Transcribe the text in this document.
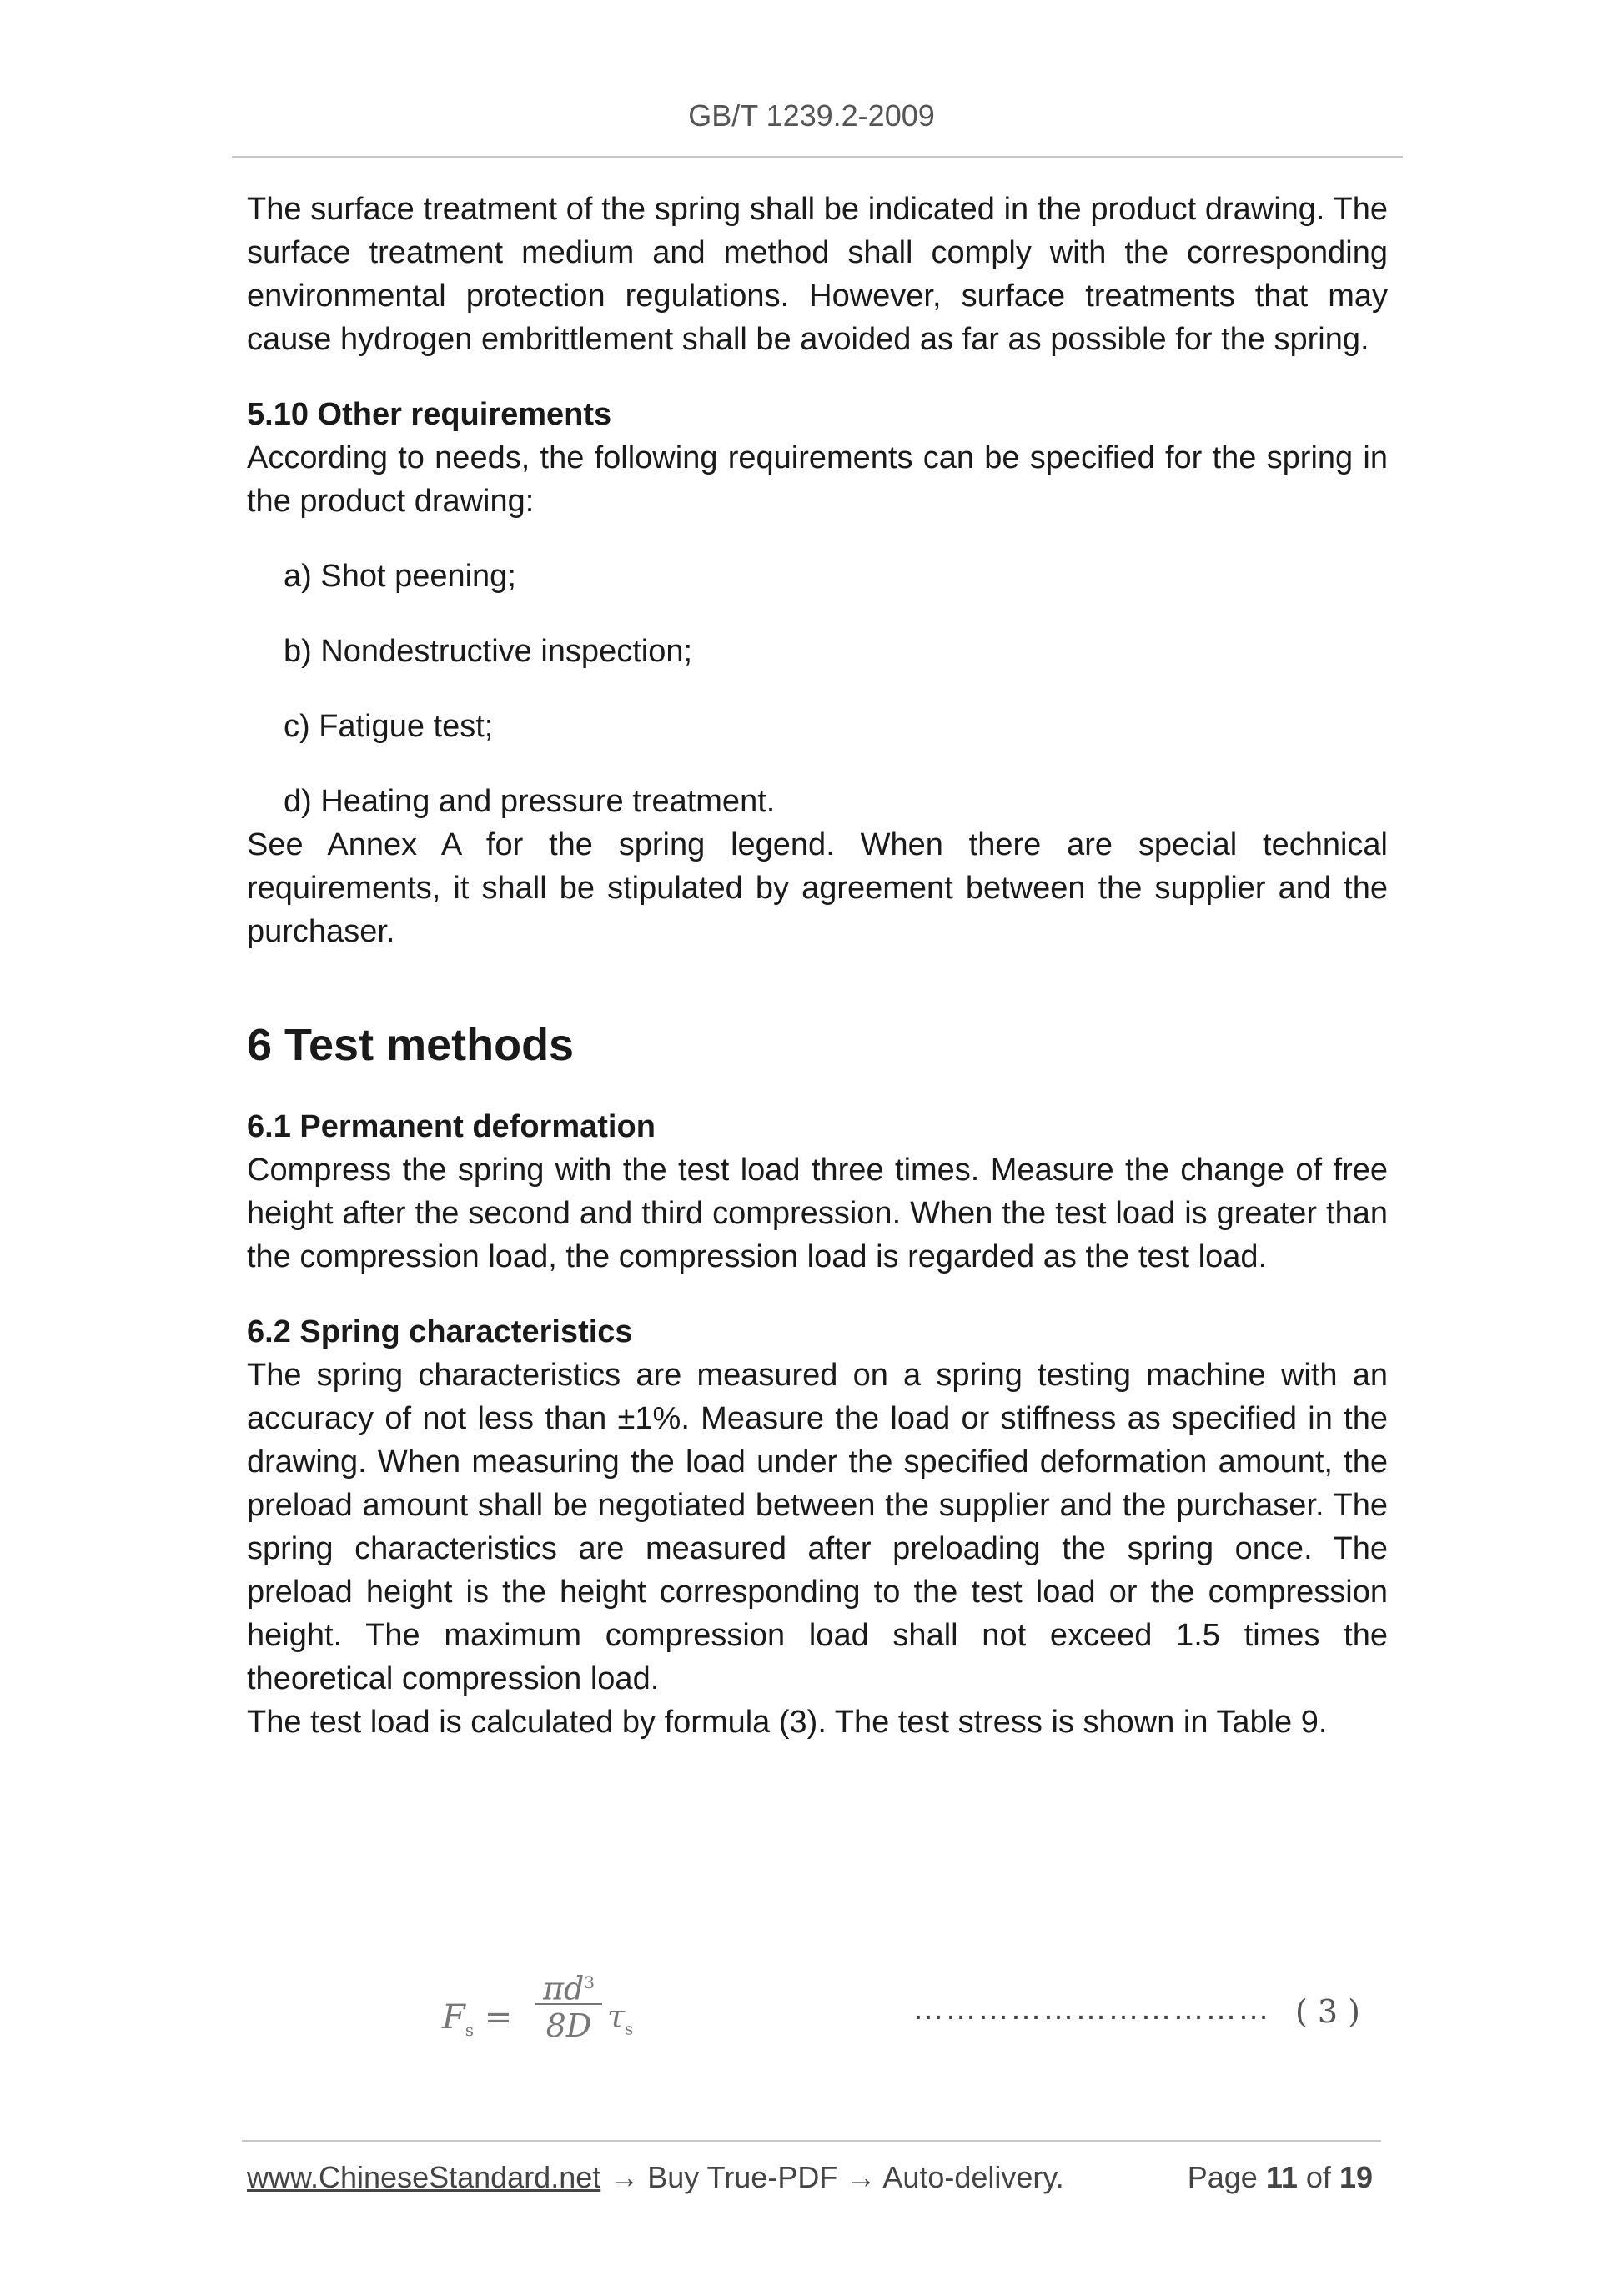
GB/T 1239.2-2009

The surface treatment of the spring shall be indicated in the product drawing. The surface treatment medium and method shall comply with the corresponding environmental protection regulations. However, surface treatments that may cause hydrogen embrittlement shall be avoided as far as possible for the spring.

5.10 Other requirements

According to needs, the following requirements can be specified for the spring in the product drawing:

a) Shot peening;

b) Nondestructive inspection;

c) Fatigue test;

d) Heating and pressure treatment.

See Annex A for the spring legend. When there are special technical requirements, it shall be stipulated by agreement between the supplier and the purchaser.

6 Test methods
6.1 Permanent deformation

Compress the spring with the test load three times. Measure the change of free height after the second and third compression. When the test load is greater than the compression load, the compression load is regarded as the test load.

6.2 Spring characteristics

The spring characteristics are measured on a spring testing machine with an accuracy of not less than ±1%. Measure the load or stiffness as specified in the drawing. When measuring the load under the specified deformation amount, the preload amount shall be negotiated between the supplier and the purchaser. The spring characteristics are measured after preloading the spring once. The preload height is the height corresponding to the test load or the compression height. The maximum compression load shall not exceed 1.5 times the theoretical compression load.

The test load is calculated by formula (3). The test stress is shown in Table 9.

$F_s$ =
$\pi d^3$
8D $\tau_s$
…………………………… ( 3 )
www.ChineseStandard.net → Buy True-PDF → Auto-delivery.	Page 11 of 19
